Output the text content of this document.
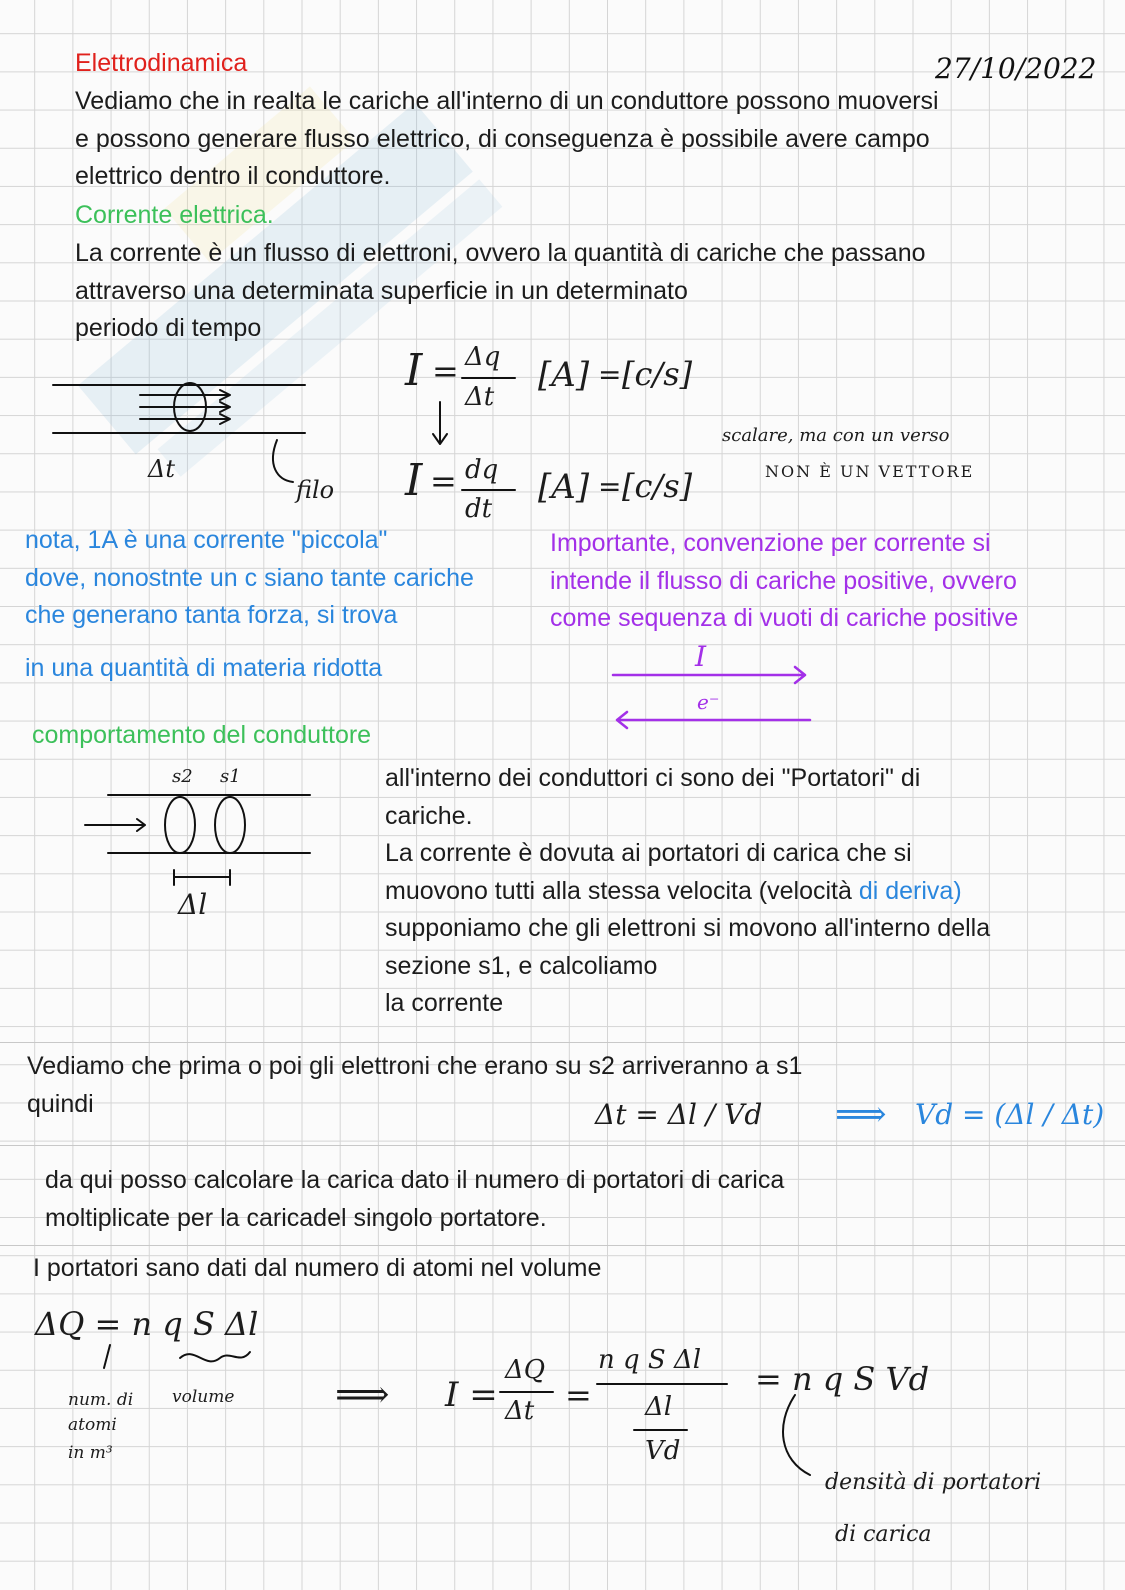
Elettrodinamica	27/10/2022
Vediamo che in realta le cariche all'interno di un conduttore possono muoversi
e possono generare flusso elettrico, di conseguenza è possibile avere campo
elettrico dentro il conduttore.
Corrente elettrica.
La corrente è un flusso di elettroni, ovvero la quantità di cariche che passano
attraverso una determinata superficie in un determinato
periodo di tempo
Δt
filo
I = Δq
Δt
[A] = [c/s]
I = dq
dt
[A] = [c/s]
scalare, ma con un verso
NON È UN VETTORE
nota, 1A è una corrente "piccola"
dove, nonostnte un c siano tante cariche
che generano tanta forza, si trova
in una quantità di materia ridotta
Importante, convenzione per corrente si
intende il flusso di cariche positive, ovvero
come sequenza di vuoti di cariche positive
I
e⁻
comportamento del conduttore
s2 s1
Δl
all'interno dei conduttori ci sono dei "Portatori" di
cariche.
La corrente è dovuta ai portatori di carica che si
muovono tutti alla stessa velocita (velocità di deriva)
supponiamo che gli elettroni si movono all'interno della
sezione s1, e calcoliamo
la corrente
Vediamo che prima o poi gli elettroni che erano su s2 arriveranno a s1
quindi	Δt = Δl / Vd ⟹ Vd = (Δl / Δt)
da qui posso calcolare la carica dato il numero di portatori di carica
moltiplicate per la caricadel singolo portatore.
I portatori sano dati dal numero di atomi nel volume
ΔQ = n q S Δl
num. di
atomi
in m³
volume	⟹ I =
ΔQ
Δt =
n q S Δl
Δl
Vd
= n q S Vd
densità di portatori
di carica
